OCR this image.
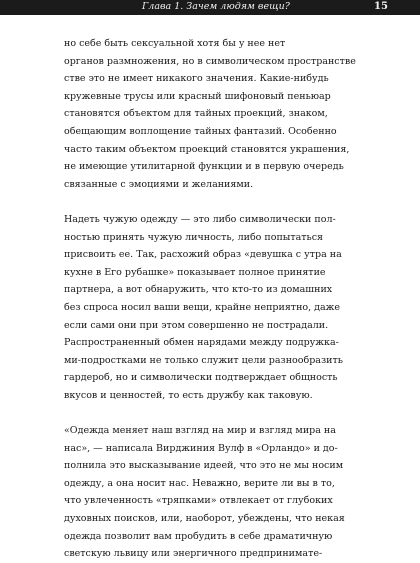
Глава 1. Зачем людям вещи?	15
но себе быть сексуальной хотя бы у нее нет
органов размножения, но в символическом пространстве
стве это не имеет никакого значения. Какие-нибудь
кружевные трусы или красный шифоновый пеньюар
становятся объектом для тайных проекций, знаком,
обещающим воплощение тайных фантазий. Особенно
часто таким объектом проекций становятся украшения,
не имеющие утилитарной функции и в первую очередь
связанные с эмоциями и желаниями.
Надеть чужую одежду — это либо символически пол-
ностью принять чужую личность, либо попытаться
присвоить ее. Так, расхожий образ «девушка с утра на
кухне в Его рубашке» показывает полное принятие
партнера, а вот обнаружить, что кто-то из домашних
без спроса носил ваши вещи, крайне неприятно, даже
если сами они при этом совершенно не пострадали.
Распространенный обмен нарядами между подружка-
ми-подростками не только служит цели разнообразить
гардероб, но и символически подтверждает общность
вкусов и ценностей, то есть дружбу как таковую.
«Одежда меняет наш взгляд на мир и взгляд мира на
нас», — написала Вирджиния Вулф в «Орландо» и до-
полнила это высказывание идеей, что это не мы носим
одежду, а она носит нас. Неважно, верите ли вы в то,
что увлеченность «тряпками» отвлекает от глубоких
духовных поисков, или, наоборот, убеждены, что некая
одежда позволит вам пробудить в себе драматичную
светскую львицу или энергичного предпринимате-
